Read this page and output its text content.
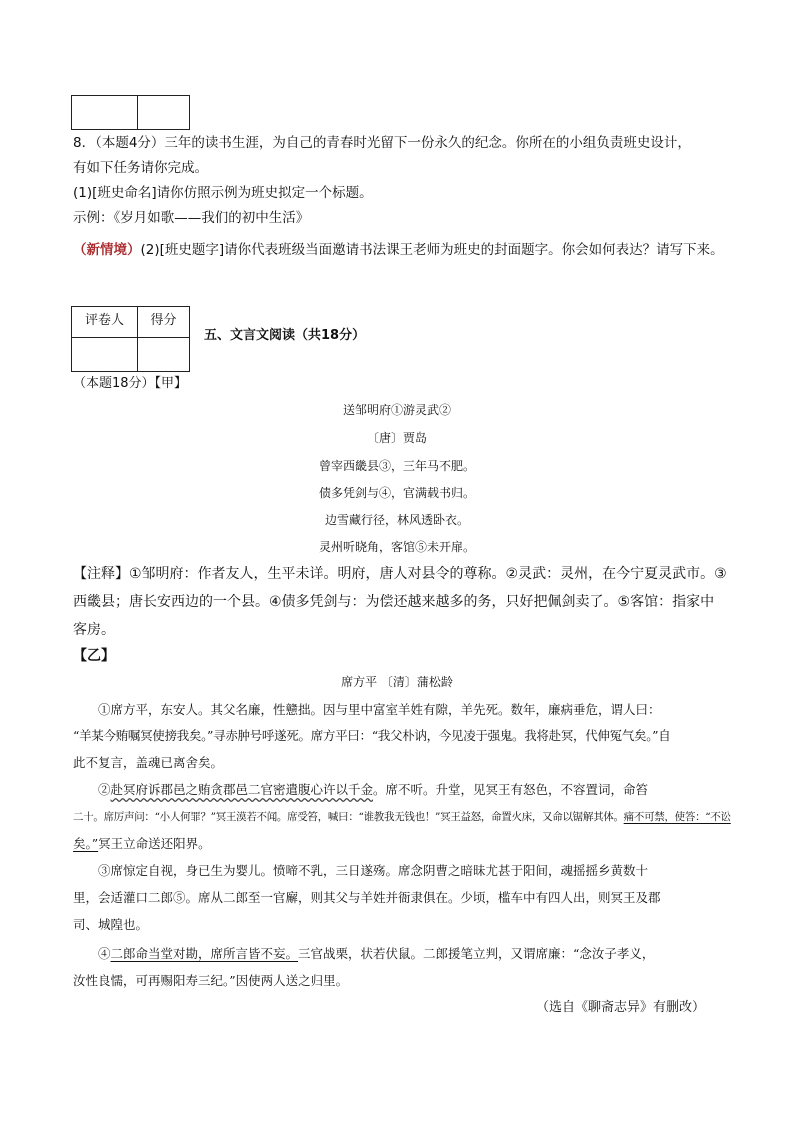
8．（本题4分）三年的读书生涯，为自己的青春时光留下一份永久的纪念。你所在的小组负责班史设计，
有如下任务请你完成。
(1)[班史命名]请你仿照示例为班史拟定一个标题。
示例：《岁月如歌——我们的初中生活》
（新情境）(2)[班史题字]请你代表班级当面邀请书法课王老师为班史的封面题字。你会如何表达？请写下来。
评卷人	得分
五、文言文阅读（共18分）
（本题18分）【甲】
送邹明府①游灵武②
〔唐〕贾岛
曾宰西畿县③，三年马不肥。
债多凭剑与④，官满载书归。
边雪藏行径，林风透卧衣。
灵州听晓角，客馆⑤未开扉。
【注释】①邹明府：作者友人，生平未详。明府，唐人对县令的尊称。②灵武：灵州，在今宁夏灵武市。③
西畿县；唐长安西边的一个县。④债多凭剑与：为偿还越来越多的务，只好把佩剑卖了。⑤客馆：指家中
客房。
【乙】
席方平 〔清〕蒲松龄
①席方平，东安人。其父名廉，性戆拙。因与里中富室羊姓有隙，羊先死。数年，廉病垂危，谓人曰：
“羊某今贿嘱冥使搒我矣。”寻赤肿号呼遂死。席方平曰：“我父朴讷，今见凌于强鬼。我将赴冥，代伸冤气矣。”自
此不复言，盖魂已离舍矣。
②赴冥府诉郡邑之贿贪郡邑二官密遣腹心许以千金。席不听。升堂，见冥王有怒色，不容置词，命笞
二十。席厉声问：“小人何罪？”冥王漠若不闻。席受笞，喊曰：“谁教我无钱也！”冥王益怒，命置火床，又命以锯解其体。痛不可禁，使答：“不讼
矣。”冥王立命送还阳界。
③席惊定自视，身已生为婴儿。愤啼不乳，三日遂殇。席念阴曹之暗昧尤甚于阳间，魂摇摇乡黄数十
里，会适灌口二郎⑤。席从二郎至一官廨，则其父与羊姓并衙隶俱在。少顷，槛车中有四人出，则冥王及郡
司、城隍也。
④二郎命当堂对勘，席所言皆不妄。三官战栗，状若伏鼠。二郎援笔立判，又谓席廉：“念汝子孝义，
汝性良懦，可再赐阳寿三纪。”因使两人送之归里。
（选自《聊斋志异》有删改）
